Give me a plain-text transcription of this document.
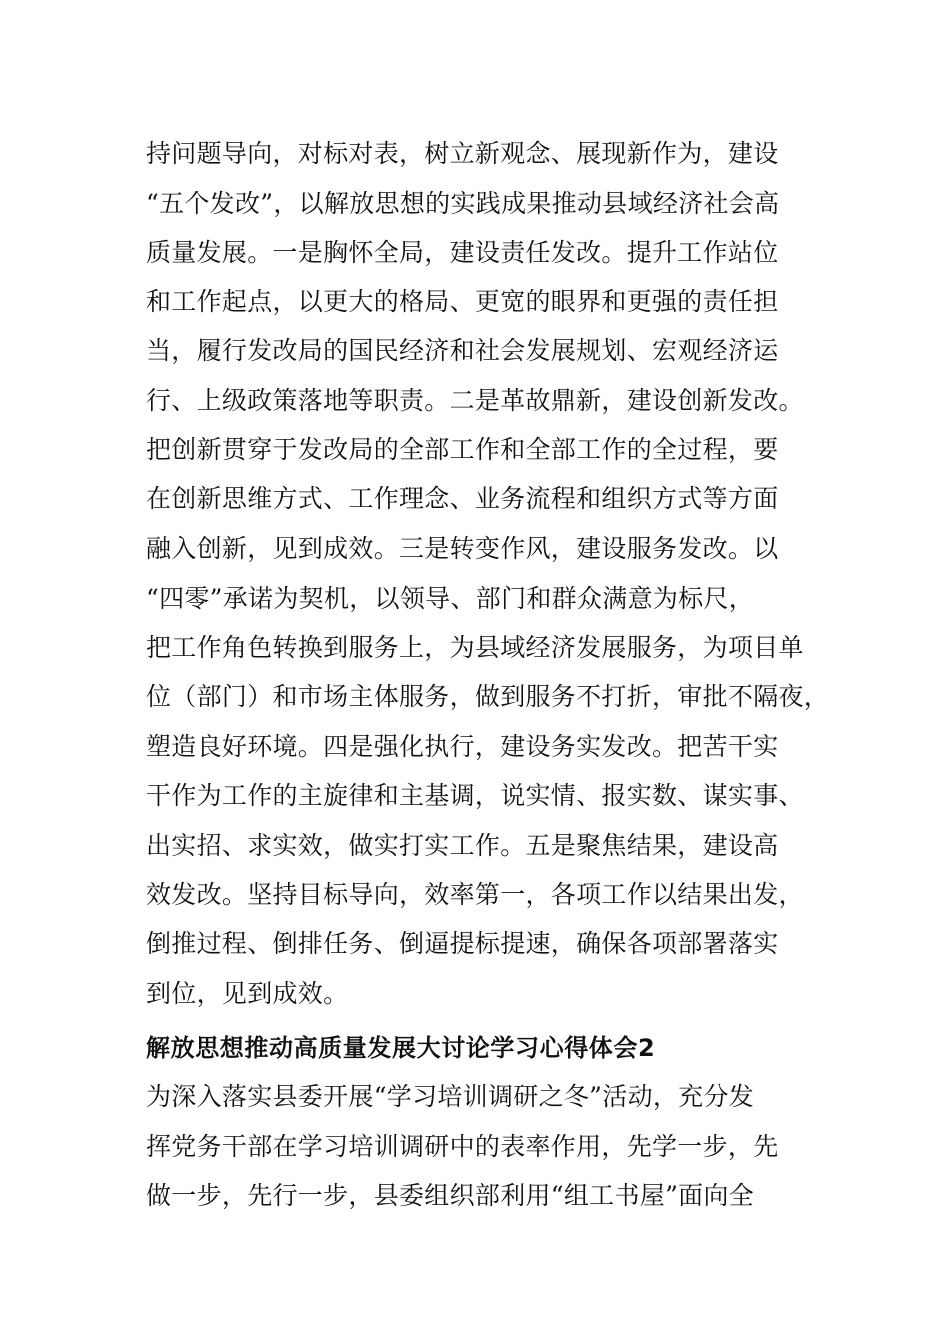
持问题导向，对标对表，树立新观念、展现新作为，建设
“五个发改”，以解放思想的实践成果推动县域经济社会高
质量发展。一是胸怀全局，建设责任发改。提升工作站位
和工作起点，以更大的格局、更宽的眼界和更强的责任担
当，履行发改局的国民经济和社会发展规划、宏观经济运
行、上级政策落地等职责。二是革故鼎新，建设创新发改。
把创新贯穿于发改局的全部工作和全部工作的全过程，要
在创新思维方式、工作理念、业务流程和组织方式等方面
融入创新，见到成效。三是转变作风，建设服务发改。以
“四零”承诺为契机，以领导、部门和群众满意为标尺，
把工作角色转换到服务上，为县域经济发展服务，为项目单
位（部门）和市场主体服务，做到服务不打折，审批不隔夜，
塑造良好环境。四是强化执行，建设务实发改。把苦干实
干作为工作的主旋律和主基调，说实情、报实数、谋实事、
出实招、求实效，做实打实工作。五是聚焦结果，建设高
效发改。坚持目标导向，效率第一，各项工作以结果出发，
倒推过程、倒排任务、倒逼提标提速，确保各项部署落实
到位，见到成效。
解放思想推动高质量发展大讨论学习心得体会2
为深入落实县委开展“学习培训调研之冬”活动，充分发
挥党务干部在学习培训调研中的表率作用，先学一步，先
做一步，先行一步，县委组织部利用“组工书屋”面向全
